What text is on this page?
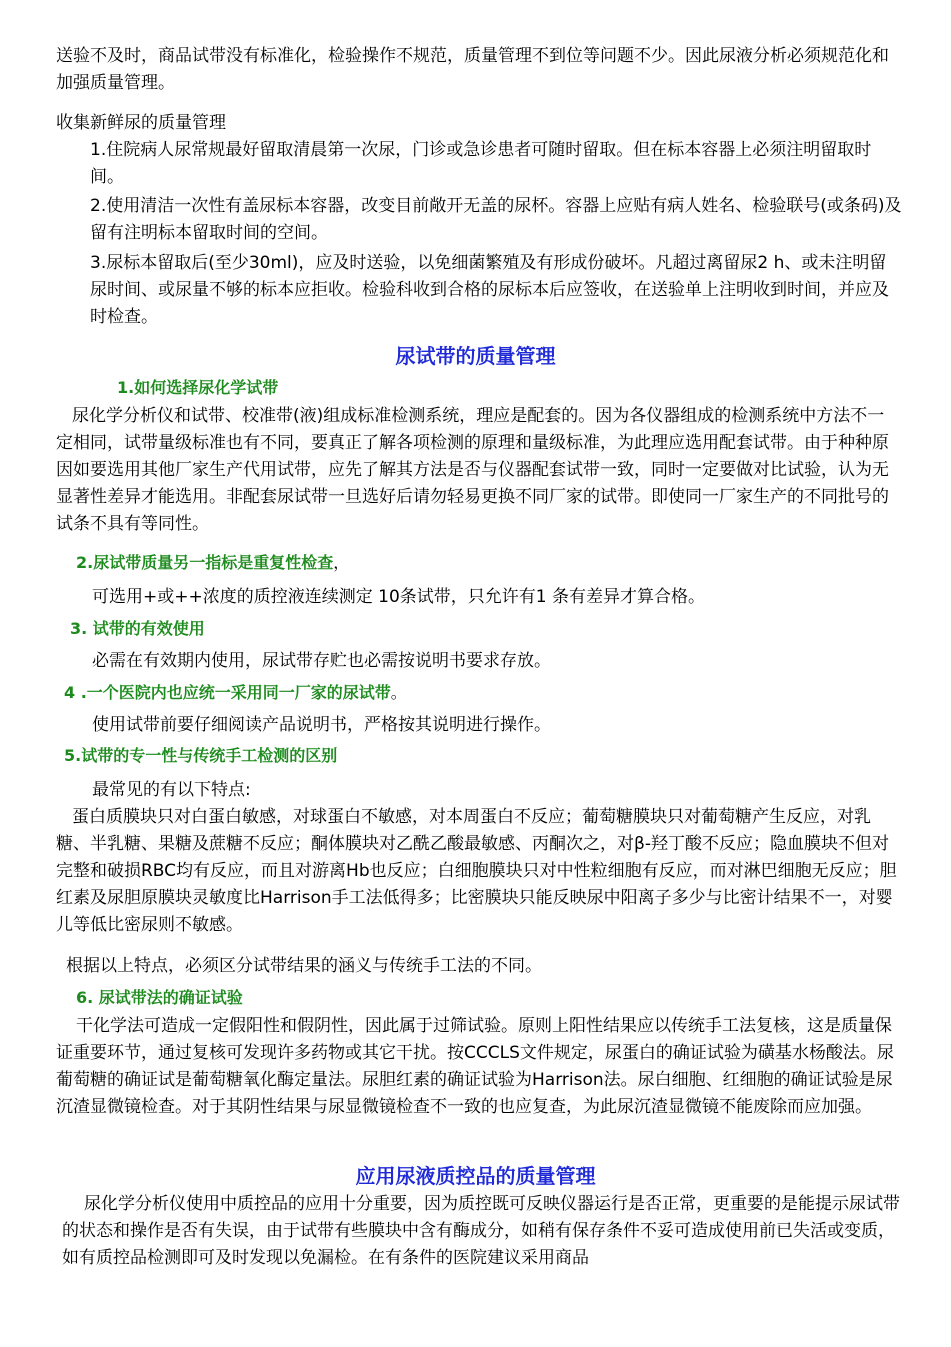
送验不及时，商品试带没有标准化，检验操作不规范，质量管理不到位等问题不少。因此尿液分析必须规范化和加强质量管理。

收集新鲜尿的质量管理

1.住院病人尿常规最好留取清晨第一次尿，门诊或急诊患者可随时留取。但在标本容器上必须注明留取时间。

2.使用清洁一次性有盖尿标本容器，改变目前敞开无盖的尿杯。容器上应贴有病人姓名、检验联号(或条码)及留有注明标本留取时间的空间。

3.尿标本留取后(至少30ml)，应及时送验，以免细菌繁殖及有形成份破坏。凡超过离留尿2 h、或未注明留尿时间、或尿量不够的标本应拒收。检验科收到合格的尿标本后应签收，在送验单上注明收到时间，并应及时检查。

尿试带的质量管理

1.如何选择尿化学试带

尿化学分析仪和试带、校准带(液)组成标准检测系统，理应是配套的。因为各仪器组成的检测系统中方法不一定相同，试带量级标准也有不同，要真正了解各项检测的原理和量级标准，为此理应选用配套试带。由于种种原因如要选用其他厂家生产代用试带，应先了解其方法是否与仪器配套试带一致，同时一定要做对比试验，认为无显著性差异才能选用。非配套尿试带一旦选好后请勿轻易更换不同厂家的试带。即使同一厂家生产的不同批号的试条不具有等同性。

2.尿试带质量另一指标是重复性检查，

可选用+或++浓度的质控液连续测定 10条试带，只允许有1 条有差异才算合格。

3. 试带的有效使用

必需在有效期内使用，尿试带存贮也必需按说明书要求存放。

4 .一个医院内也应统一采用同一厂家的尿试带。

使用试带前要仔细阅读产品说明书，严格按其说明进行操作。

5.试带的专一性与传统手工检测的区别

最常见的有以下特点:

蛋白质膜块只对白蛋白敏感，对球蛋白不敏感，对本周蛋白不反应；葡萄糖膜块只对葡萄糖产生反应，对乳糖、半乳糖、果糖及蔗糖不反应；酮体膜块对乙酰乙酸最敏感、丙酮次之，对β-羟丁酸不反应；隐血膜块不但对完整和破损RBC均有反应，而且对游离Hb也反应；白细胞膜块只对中性粒细胞有反应，而对淋巴细胞无反应；胆红素及尿胆原膜块灵敏度比Harrison手工法低得多；比密膜块只能反映尿中阳离子多少与比密计结果不一，对婴儿等低比密尿则不敏感。

根据以上特点，必须区分试带结果的涵义与传统手工法的不同。

6. 尿试带法的确证试验

干化学法可造成一定假阳性和假阴性，因此属于过筛试验。原则上阳性结果应以传统手工法复核，这是质量保证重要环节，通过复核可发现许多药物或其它干扰。按CCCLS文件规定，尿蛋白的确证试验为磺基水杨酸法。尿葡萄糖的确证试是葡萄糖氧化酶定量法。尿胆红素的确证试验为Harrison法。尿白细胞、红细胞的确证试验是尿沉渣显微镜检查。对于其阴性结果与尿显微镜检查不一致的也应复查，为此尿沉渣显微镜不能废除而应加强。

应用尿液质控品的质量管理

尿化学分析仪使用中质控品的应用十分重要，因为质控既可反映仪器运行是否正常，更重要的是能提示尿试带的状态和操作是否有失误，由于试带有些膜块中含有酶成分，如稍有保存条件不妥可造成使用前已失活或变质，如有质控品检测即可及时发现以免漏检。在有条件的医院建议采用商品
